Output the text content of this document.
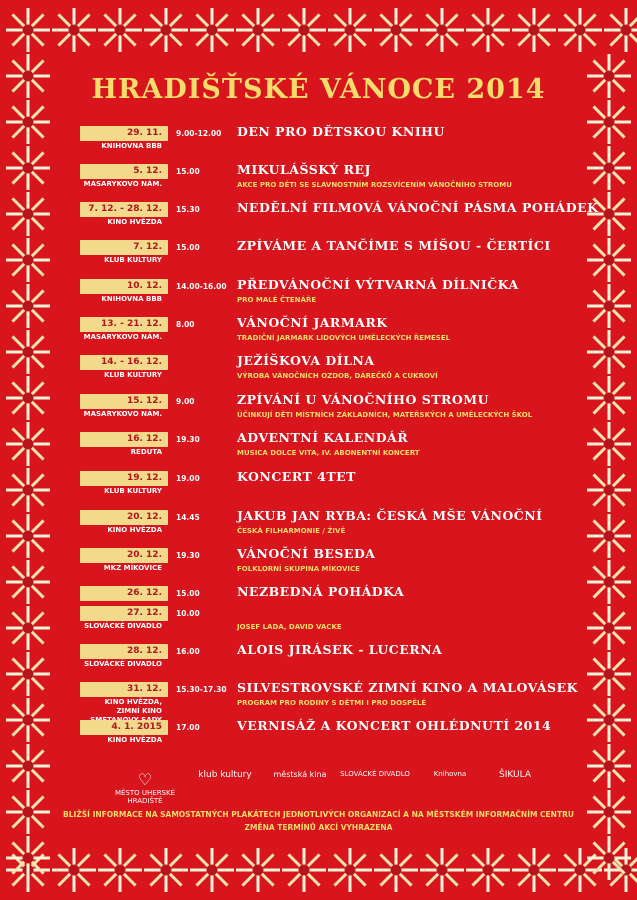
HRADIŠŤSKÉ VÁNOCE 2014
29. 11.
KNIHOVNA BBB
9.00-12.00	DEN PRO DĚTSKOU KNIHU
5. 12.
MASARYKOVO NÁM.
15.00	MIKULÁŠSKÝ REJ
AKCE PRO DĚTI SE SLAVNOSTNÍM ROZSVÍCENÍM VÁNOČNÍHO STROMU
7. 12. - 28. 12.
KINO HVĚZDA
15.30	NEDĚLNÍ FILMOVÁ VÁNOČNÍ PÁSMA POHÁDEK
7. 12.
KLUB KULTURY
15.00	ZPÍVÁME A TANČÍME S MÍŠOU - ČERTÍCI
10. 12.
KNIHOVNA BBB
14.00-16.00 PŘEDVÁNOČNÍ VÝTVARNÁ DÍLNIČKA
PRO MALÉ ČTENÁŘE
13. - 21. 12.
MASARYKOVO NÁM.
8.00	VÁNOČNÍ JARMARK
TRADIČNÍ JARMARK LIDOVÝCH UMĚLECKÝCH ŘEMESEL
14. - 16. 12.
KLUB KULTURY
JEŽÍŠKOVA DÍLNA
VÝROBA VÁNOČNÍCH OZDOB, DÁREČKŮ A CUKROVÍ
15. 12.
MASARYKOVO NÁM.
9.00	ZPÍVÁNÍ U VÁNOČNÍHO STROMU
ÚČINKUJÍ DĚTI MÍSTNÍCH ZÁKLADNÍCH, MATEŘSKÝCH A UMĚLECKÝCH ŠKOL
16. 12.
REDUTA
19.30	ADVENTNÍ KALENDÁŘ
MUSICA DOLCE VITA, IV. ABONENTNÍ KONCERT
19. 12.
KLUB KULTURY
19.00	KONCERT 4TET
20. 12.
KINO HVĚZDA
14.45	JAKUB JAN RYBA: ČESKÁ MŠE VÁNOČNÍ
ČESKÁ FILHARMONIE / ŽIVĚ
20. 12.
MKZ MÍKOVICE
19.30	VÁNOČNÍ BESEDA
FOLKLORNÍ SKUPINA MÍKOVICE
26. 12.	15.00	NEZBEDNÁ POHÁDKA
27. 12.
SLOVÁCKÉ DIVADLO
10.00
JOSEF LADA, DAVID VACKE
28. 12.
SLOVÁCKÉ DIVADLO
16.00	ALOIS JIRÁSEK - LUCERNA
31. 12.
KINO HVĚZDA, ZIMNÍ KINO
15.30-17.30 SILVESTROVSKÉ ZIMNÍ KINO A MALOVÁSEK
PROGRAM PRO RODINY S DĚTMI I PRO DOSPĚLÉ
4. 1. 2015
KINO HVĚZDA
17.00	VERNISÁŽ A KONCERT OHLÉDNUTÍ 2014
♡
MĚSTO UHERSKÉ HRADIŠTĚ
klub kultury	městská kina	SLOVÁCKÉ DIVADLO	Knihovna	ŠIKULA
BLIŽŠÍ INFORMACE NA SAMOSTATNÝCH PLAKÁTECH JEDNOTLIVÝCH ORGANIZACÍ A NA MĚSTSKÉM INFORMAČNÍM CENTRU
ZMĚNA TERMÍNŮ AKCÍ VYHRAZENA
